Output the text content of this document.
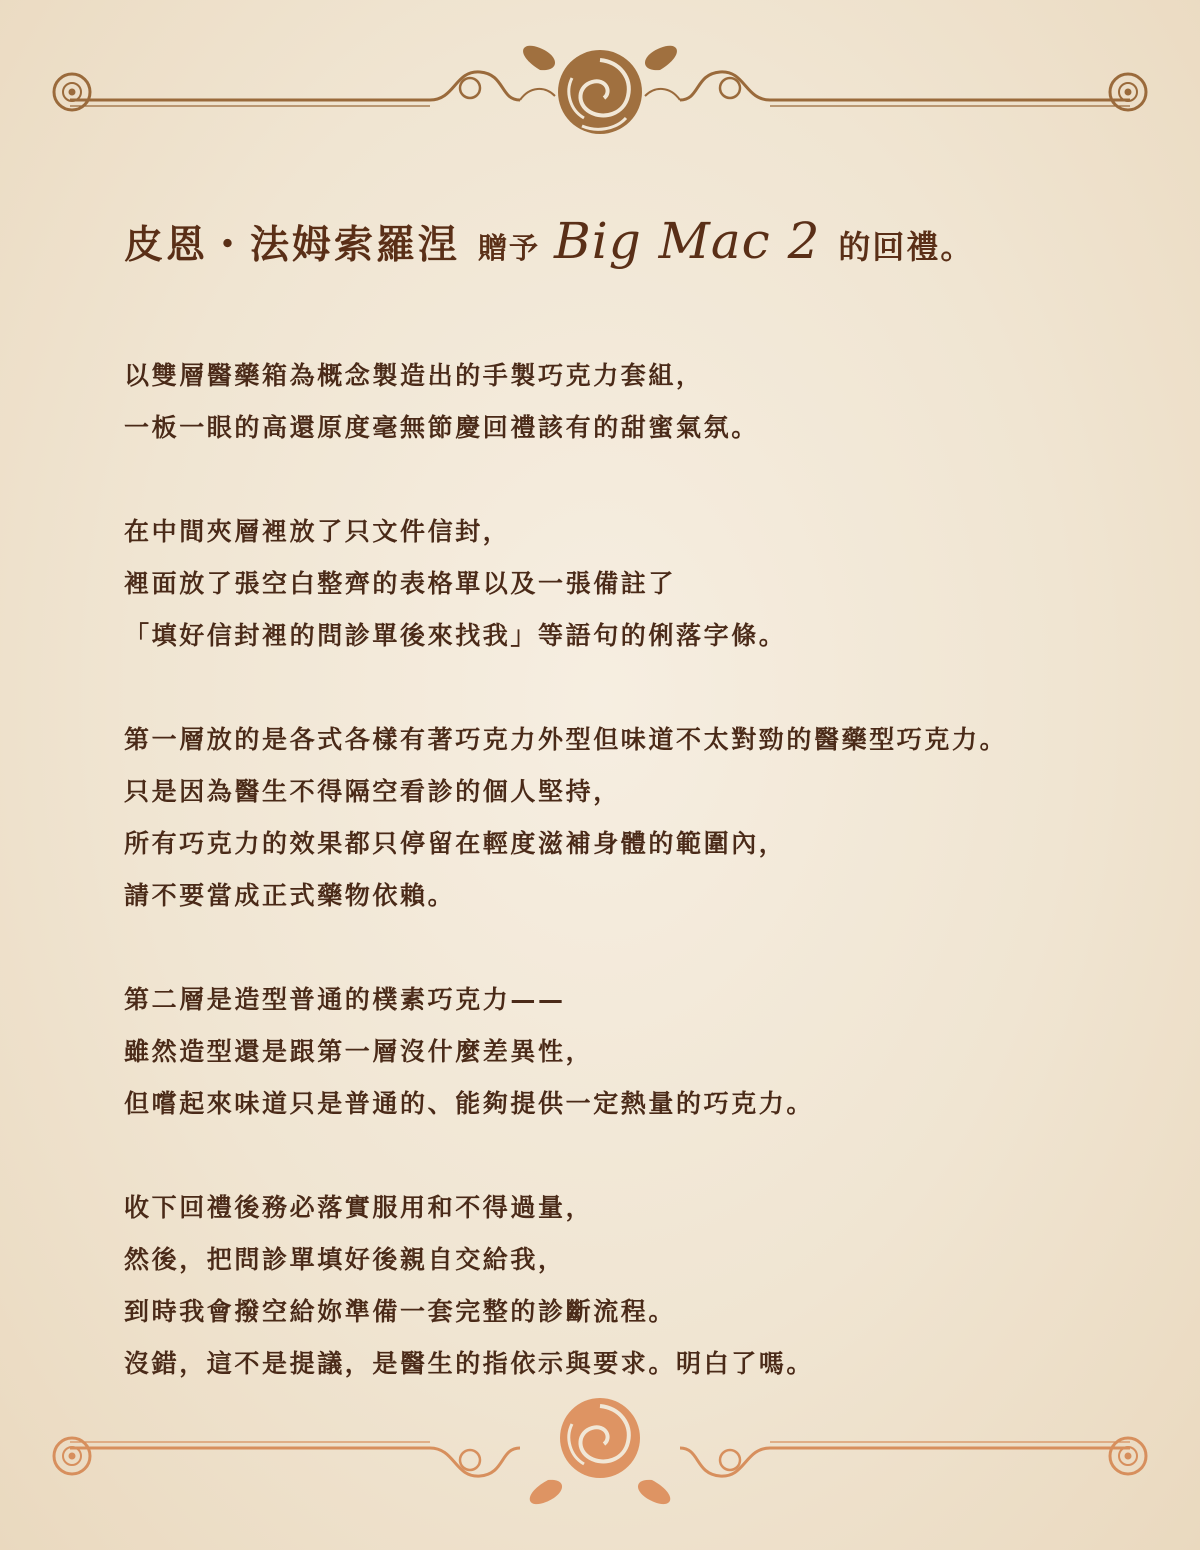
皮恩・法姆索羅涅 贈予 Big Mac 2 的回禮。
以雙層醫藥箱為概念製造出的手製巧克力套組，
一板一眼的高還原度毫無節慶回禮該有的甜蜜氣氛。
在中間夾層裡放了只文件信封，
裡面放了張空白整齊的表格單以及一張備註了
「填好信封裡的問診單後來找我」等語句的俐落字條。
第一層放的是各式各樣有著巧克力外型但味道不太對勁的醫藥型巧克力。
只是因為醫生不得隔空看診的個人堅持，
所有巧克力的效果都只停留在輕度滋補身體的範圍內，
請不要當成正式藥物依賴。
第二層是造型普通的樸素巧克力——
雖然造型還是跟第一層沒什麼差異性，
但嚐起來味道只是普通的、能夠提供一定熱量的巧克力。
收下回禮後務必落實服用和不得過量，
然後，把問診單填好後親自交給我，
到時我會撥空給妳準備一套完整的診斷流程。
沒錯，這不是提議，是醫生的指依示與要求。明白了嗎。
